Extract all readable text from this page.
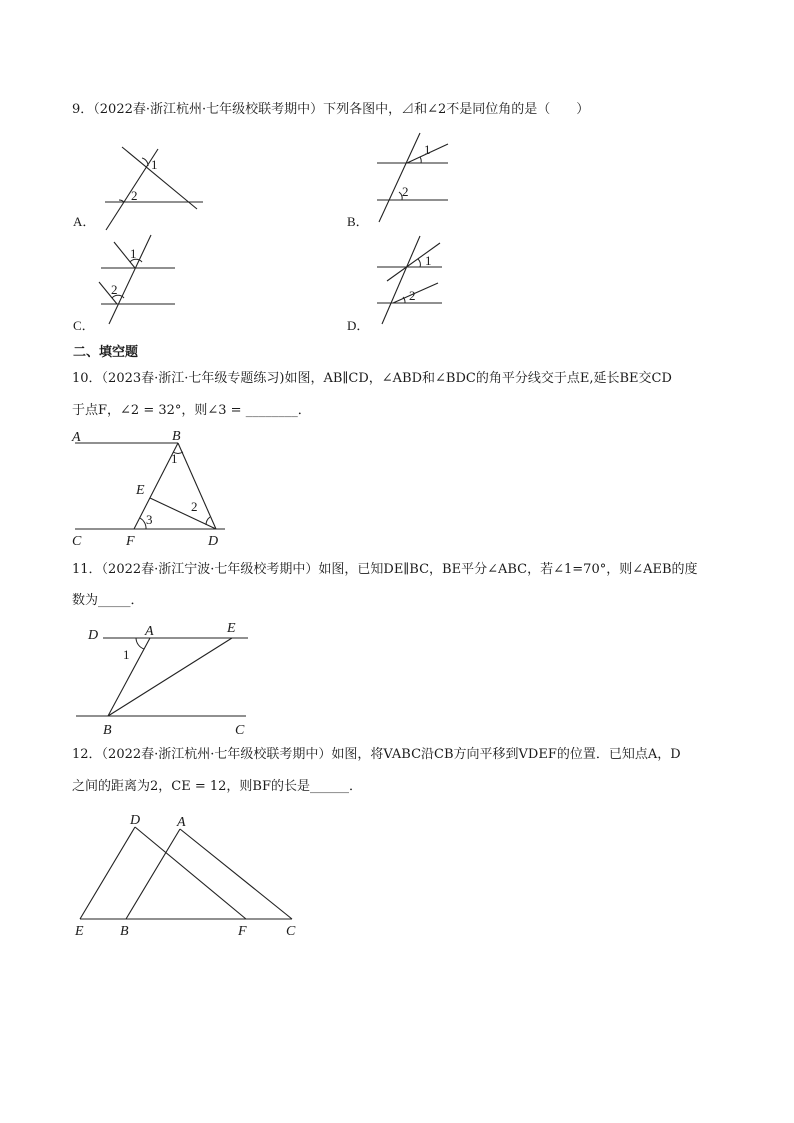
9．（2022春·浙江杭州·七年级校联考期中）下列各图中，⊿和∠2不是同位角的是（　　）
1
2
A．
1
2
B．
1
2
C．
1
2
D．
二、填空题
10．（2023春·浙江·七年级专题练习)如图，AB∥CD，∠ABD和∠BDC的角平分线交于点E,延长BE交CD
于点F，∠2 = 32°，则∠3 = ________．
A	B
C	D
E
F
1
2
3
11．（2022春·浙江宁波·七年级校考期中）如图，已知DE∥BC，BE平分∠ABC，若∠1=70°，则∠AEB的度
数为_____．
D	A	E
B	C
1
12．（2022春·浙江杭州·七年级校联考期中）如图，将VABC沿CB方向平移到VDEF的位置．已知点A，D
之间的距离为2，CE = 12，则BF的长是______．
D	A
E	B	F	C
